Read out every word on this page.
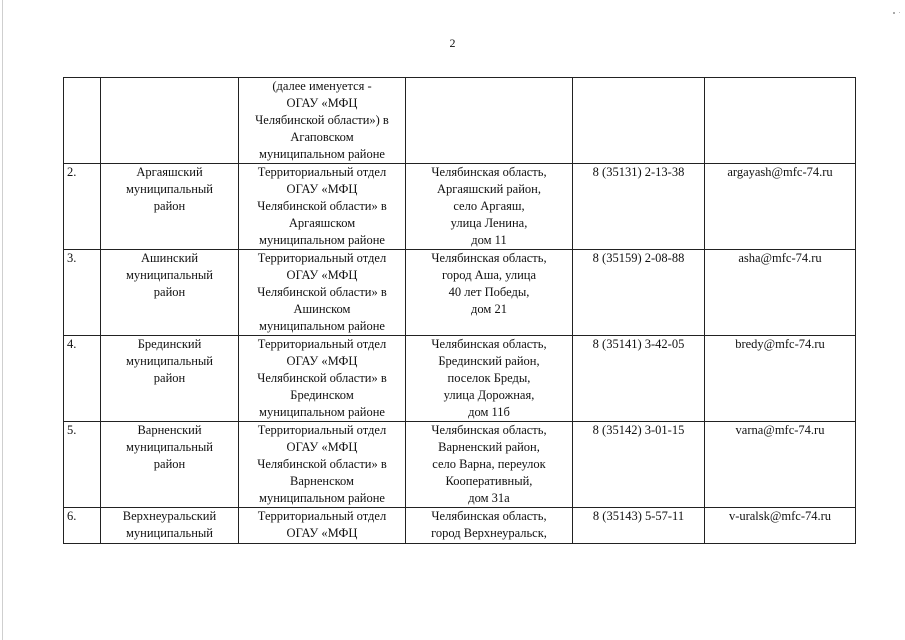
2

		(далее именуется -
ОГАУ «МФЦ
Челябинской области») в
Агаповском
муниципальном районе			

2.	Аргаяшский
муниципальный
район	Территориальный отдел
ОГАУ «МФЦ
Челябинской области» в
Аргаяшском
муниципальном районе	Челябинская область,
Аргаяшский район,
село Аргаяш,
улица Ленина,
дом 11	8 (35131) 2-13-38	argayash@mfc-74.ru
3.	Ашинский
муниципальный
район	Территориальный отдел
ОГАУ «МФЦ
Челябинской области» в
Ашинском
муниципальном районе	Челябинская область,
город Аша, улица
40 лет Победы,
дом 21	8 (35159) 2-08-88	asha@mfc-74.ru
4.	Брединский
муниципальный
район	Территориальный отдел
ОГАУ «МФЦ
Челябинской области» в
Брединском
муниципальном районе	Челябинская область,
Брединский район,
поселок Бреды,
улица Дорожная,
дом 11б	8 (35141) 3-42-05	bredy@mfc-74.ru
5.	Варненский
муниципальный
район	Территориальный отдел
ОГАУ «МФЦ
Челябинской области» в
Варненском
муниципальном районе	Челябинская область,
Варненский район,
село Варна, переулок
Кооперативный,
дом 31а	8 (35142) 3-01-15	varna@mfc-74.ru
6.	Верхнеуральский
муниципальный	Территориальный отдел
ОГАУ «МФЦ	Челябинская область,
город Верхнеуральск,	8 (35143) 5-57-11	v-uralsk@mfc-74.ru
